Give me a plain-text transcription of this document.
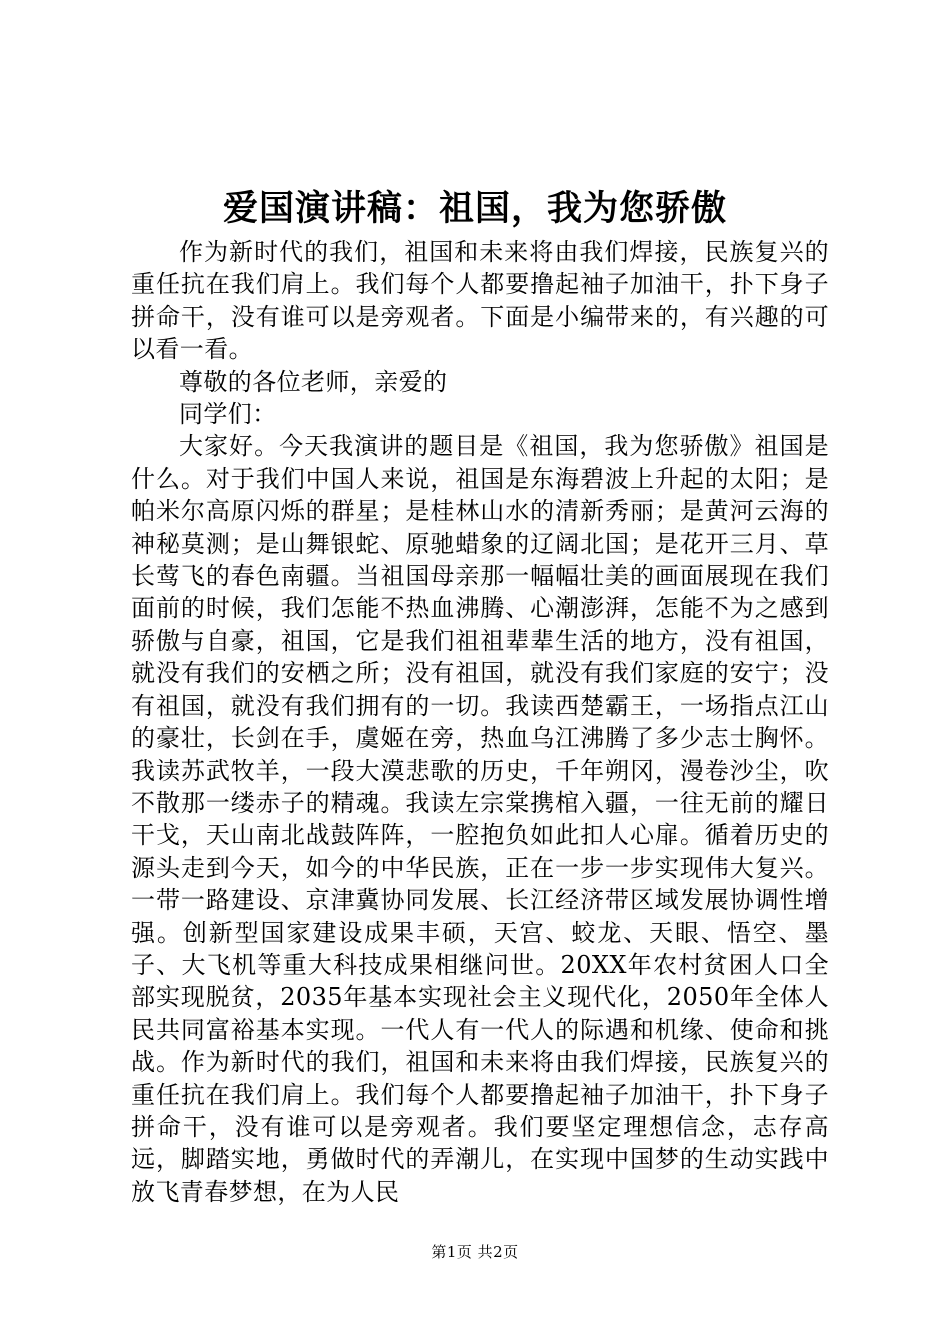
爱国演讲稿：祖国，我为您骄傲

作为新时代的我们，祖国和未来将由我们焊接，民族复兴的重任抗在我们肩上。我们每个人都要撸起袖子加油干，扑下身子拼命干，没有谁可以是旁观者。下面是小编带来的，有兴趣的可以看一看。

尊敬的各位老师，亲爱的

同学们：

大家好。今天我演讲的题目是《祖国，我为您骄傲》祖国是什么。对于我们中国人来说，祖国是东海碧波上升起的太阳；是帕米尔高原闪烁的群星；是桂林山水的清新秀丽；是黄河云海的神秘莫测；是山舞银蛇、原驰蜡象的辽阔北国；是花开三月、草长莺飞的春色南疆。当祖国母亲那一幅幅壮美的画面展现在我们面前的时候，我们怎能不热血沸腾、心潮澎湃，怎能不为之感到骄傲与自豪，祖国，它是我们祖祖辈辈生活的地方，没有祖国，就没有我们的安栖之所；没有祖国，就没有我们家庭的安宁；没有祖国，就没有我们拥有的一切。我读西楚霸王，一场指点江山的豪壮，长剑在手，虞姬在旁，热血乌江沸腾了多少志士胸怀。我读苏武牧羊，一段大漠悲歌的历史，千年朔冈，漫卷沙尘，吹不散那一缕赤子的精魂。我读左宗棠携棺入疆，一往无前的耀日干戈，天山南北战鼓阵阵，一腔抱负如此扣人心扉。循着历史的源头走到今天，如今的中华民族，正在一步一步实现伟大复兴。一带一路建设、京津冀协同发展、长江经济带区域发展协调性增强。创新型国家建设成果丰硕，天宫、蛟龙、天眼、悟空、墨子、大飞机等重大科技成果相继问世。20XX年农村贫困人口全部实现脱贫，2035年基本实现社会主义现代化，2050年全体人民共同富裕基本实现。一代人有一代人的际遇和机缘、使命和挑战。作为新时代的我们，祖国和未来将由我们焊接，民族复兴的重任抗在我们肩上。我们每个人都要撸起袖子加油干，扑下身子拼命干，没有谁可以是旁观者。我们要坚定理想信念，志存高远，脚踏实地，勇做时代的弄潮儿，在实现中国梦的生动实践中放飞青春梦想，在为人民

第1页 共2页
